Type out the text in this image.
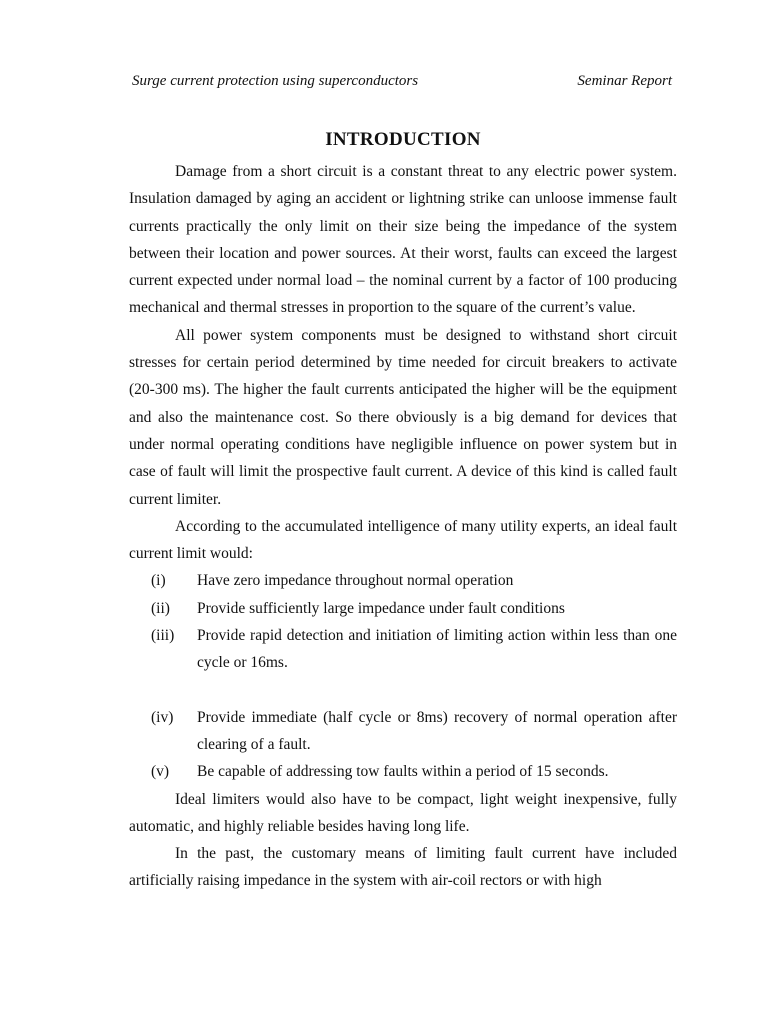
Surge current protection using superconductors	Seminar Report
INTRODUCTION

Damage from a short circuit is a constant threat to any electric power system. Insulation damaged by aging an accident or lightning strike can unloose immense fault currents practically the only limit on their size being the impedance of the system between their location and power sources. At their worst, faults can exceed the largest current expected under normal load – the nominal current by a factor of 100 producing mechanical and thermal stresses in proportion to the square of the current’s value.

All power system components must be designed to withstand short circuit stresses for certain period determined by time needed for circuit breakers to activate (20-300 ms). The higher the fault currents anticipated the higher will be the equipment and also the maintenance cost. So there obviously is a big demand for devices that under normal operating conditions have negligible influence on power system but in case of fault will limit the prospective fault current. A device of this kind is called fault current limiter.

According to the accumulated intelligence of many utility experts, an ideal fault current limit would:

(i)	Have zero impedance throughout normal operation
(ii)	Provide sufficiently large impedance under fault conditions
(iii)	Provide rapid detection and initiation of limiting action within less than one cycle or 16ms.
(iv)	Provide immediate (half cycle or 8ms) recovery of normal operation after clearing of a fault.
(v)	Be capable of addressing tow faults within a period of 15 seconds.

Ideal limiters would also have to be compact, light weight inexpensive, fully automatic, and highly reliable besides having long life.

In the past, the customary means of limiting fault current have included artificially raising impedance in the system with air-coil rectors or with high
